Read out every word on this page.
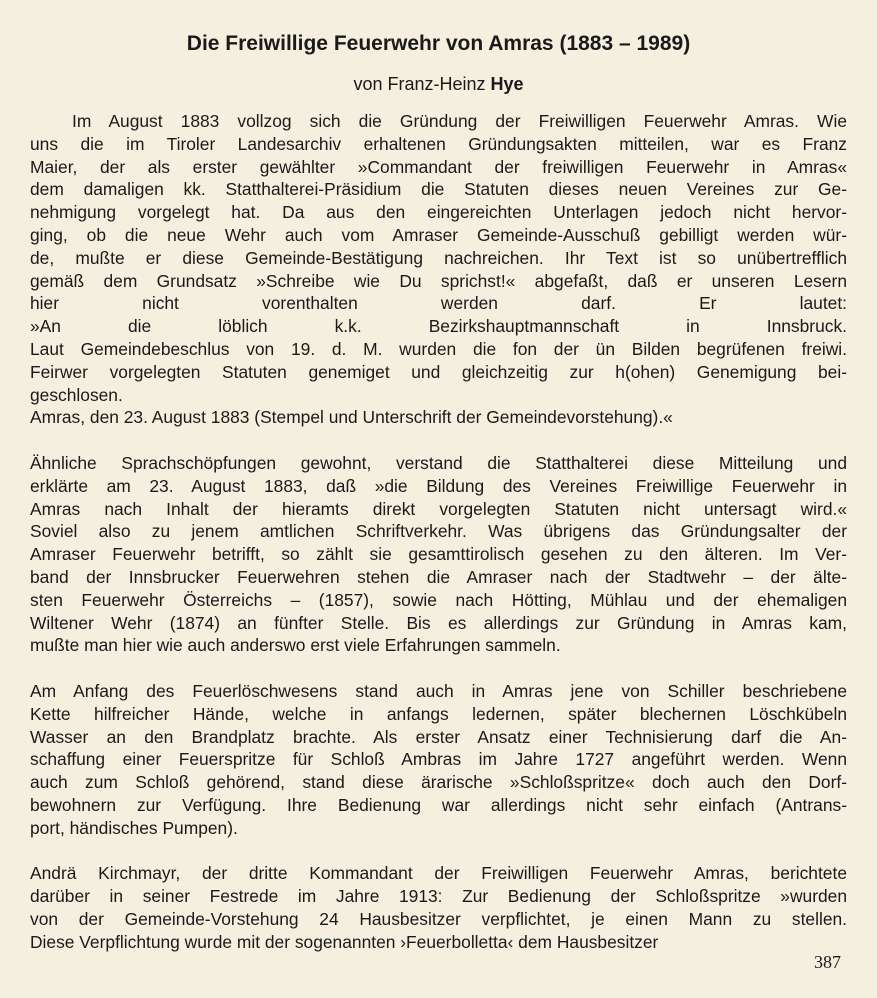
Die Freiwillige Feuerwehr von Amras (1883 – 1989)
von Franz-Heinz Hye
Im August 1883 vollzog sich die Gründung der Freiwilligen Feuerwehr Amras. Wie
uns die im Tiroler Landesarchiv erhaltenen Gründungsakten mitteilen, war es Franz
Maier, der als erster gewählter »Commandant der freiwilligen Feuerwehr in Amras«
dem damaligen kk. Statthalterei-Präsidium die Statuten dieses neuen Vereines zur Ge-
nehmigung vorgelegt hat. Da aus den eingereichten Unterlagen jedoch nicht hervor-
ging, ob die neue Wehr auch vom Amraser Gemeinde-Ausschuß gebilligt werden wür-
de, mußte er diese Gemeinde-Bestätigung nachreichen. Ihr Text ist so unübertrefflich
gemäß dem Grundsatz »Schreibe wie Du sprichst!« abgefaßt, daß er unseren Lesern
hier nicht vorenthalten werden darf. Er lautet:
»An die löblich k.k. Bezirkshauptmannschaft in Innsbruck.
Laut Gemeindebeschlus von 19. d. M. wurden die fon der ün Bilden begrüfenen freiwi.
Feirwer vorgelegten Statuten genemiget und gleichzeitig zur h(ohen) Genemigung bei-
geschlosen.
Amras, den 23. August 1883 (Stempel und Unterschrift der Gemeindevorstehung).«
Ähnliche Sprachschöpfungen gewohnt, verstand die Statthalterei diese Mitteilung und
erklärte am 23. August 1883, daß »die Bildung des Vereines Freiwillige Feuerwehr in
Amras nach Inhalt der hieramts direkt vorgelegten Statuten nicht untersagt wird.«
Soviel also zu jenem amtlichen Schriftverkehr. Was übrigens das Gründungsalter der
Amraser Feuerwehr betrifft, so zählt sie gesamttirolisch gesehen zu den älteren. Im Ver-
band der Innsbrucker Feuerwehren stehen die Amraser nach der Stadtwehr – der älte-
sten Feuerwehr Österreichs – (1857), sowie nach Hötting, Mühlau und der ehemaligen
Wiltener Wehr (1874) an fünfter Stelle. Bis es allerdings zur Gründung in Amras kam,
mußte man hier wie auch anderswo erst viele Erfahrungen sammeln.
Am Anfang des Feuerlöschwesens stand auch in Amras jene von Schiller beschriebene
Kette hilfreicher Hände, welche in anfangs ledernen, später blechernen Löschkübeln
Wasser an den Brandplatz brachte. Als erster Ansatz einer Technisierung darf die An-
schaffung einer Feuerspritze für Schloß Ambras im Jahre 1727 angeführt werden. Wenn
auch zum Schloß gehörend, stand diese ärarische »Schloßspritze« doch auch den Dorf-
bewohnern zur Verfügung. Ihre Bedienung war allerdings nicht sehr einfach (Antrans-
port, händisches Pumpen).
Andrä Kirchmayr, der dritte Kommandant der Freiwilligen Feuerwehr Amras, berichtete
darüber in seiner Festrede im Jahre 1913: Zur Bedienung der Schloßspritze »wurden
von der Gemeinde-Vorstehung 24 Hausbesitzer verpflichtet, je einen Mann zu stellen.
Diese Verpflichtung wurde mit der sogenannten ›Feuerbolletta‹ dem Hausbesitzer
387
